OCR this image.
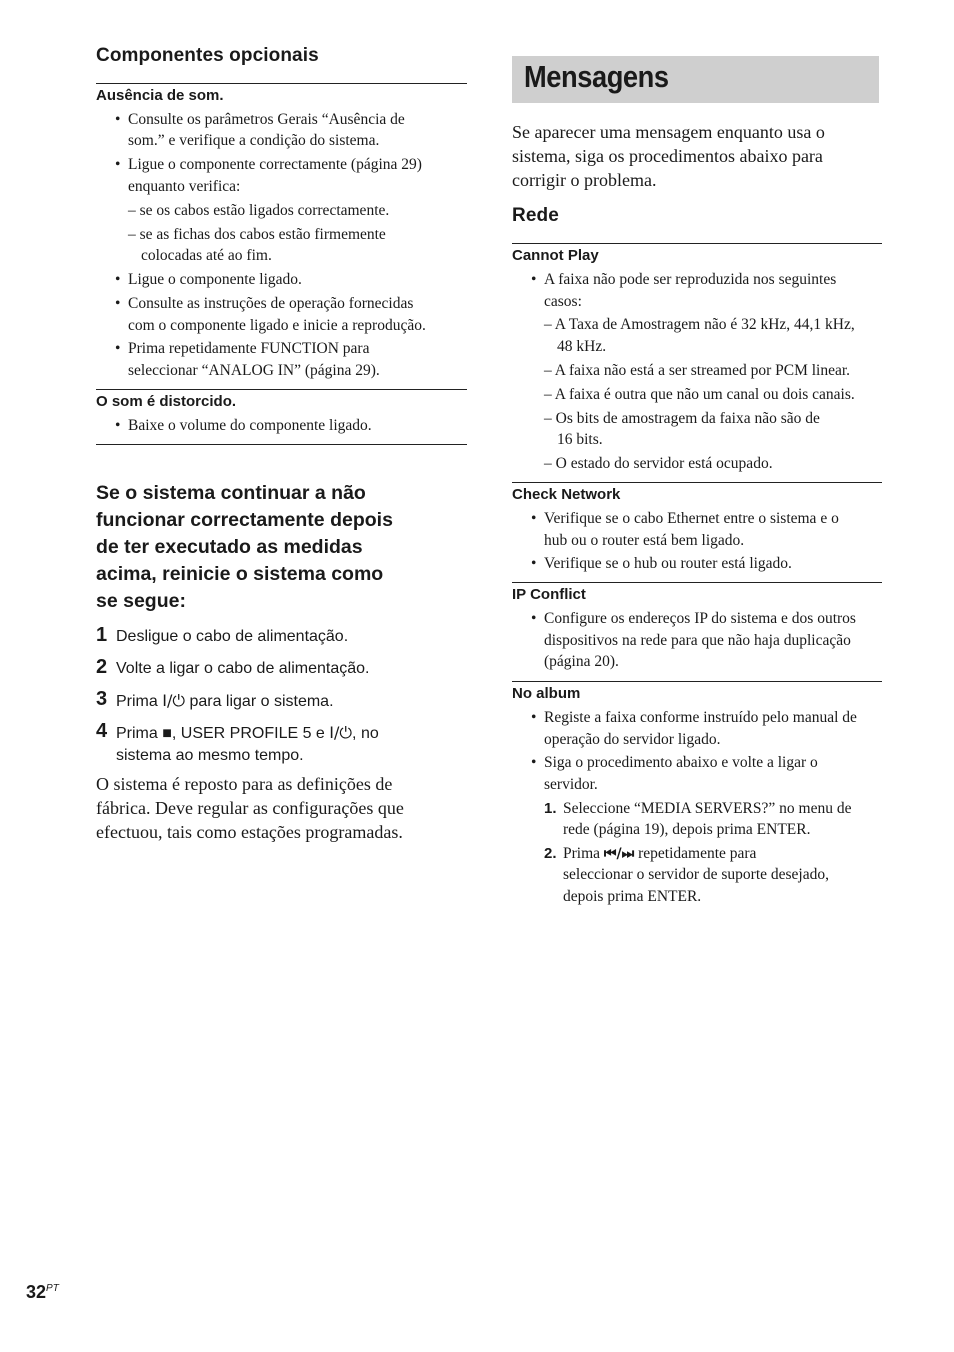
Componentes opcionais
Ausência de som.
• Consulte os parâmetros Gerais “Ausência de
som.” e verifique a condição do sistema.
• Ligue o componente correctamente (página 29)
enquanto verifica:
– se os cabos estão ligados correctamente.
– se as fichas dos cabos estão firmemente
colocadas até ao fim.
• Ligue o componente ligado.
• Consulte as instruções de operação fornecidas
com o componente ligado e inicie a reprodução.
• Prima repetidamente FUNCTION para
seleccionar “ANALOG IN” (página 29).
O som é distorcido.
• Baixe o volume do componente ligado.
Se o sistema continuar a não
funcionar correctamente depois
de ter executado as medidas
acima, reinicie o sistema como
se segue:
1 Desligue o cabo de alimentação.
2 Volte a ligar o cabo de alimentação.
3 Prima I/⏻ para ligar o sistema.
4 Prima ■, USER PROFILE 5 e I/⏻, no
sistema ao mesmo tempo.
O sistema é reposto para as definições de
fábrica. Deve regular as configurações que
efectuou, tais como estações programadas.
Mensagens
Se aparecer uma mensagem enquanto usa o
sistema, siga os procedimentos abaixo para
corrigir o problema.
Rede
Cannot Play
• A faixa não pode ser reproduzida nos seguintes
casos:
– A Taxa de Amostragem não é 32 kHz, 44,1 kHz,
48 kHz.
– A faixa não está a ser streamed por PCM linear.
– A faixa é outra que não um canal ou dois canais.
– Os bits de amostragem da faixa não são de
16 bits.
– O estado do servidor está ocupado.
Check Network
• Verifique se o cabo Ethernet entre o sistema e o
hub ou o router está bem ligado.
• Verifique se o hub ou router está ligado.
IP Conflict
• Configure os endereços IP do sistema e dos outros
dispositivos na rede para que não haja duplicação
(página 20).
No album
• Registe a faixa conforme instruído pelo manual de
operação do servidor ligado.
• Siga o procedimento abaixo e volte a ligar o
servidor.
1. Seleccione “MEDIA SERVERS?” no menu de
rede (página 19), depois prima ENTER.
2. Prima ⏮/⏭ repetidamente para
seleccionar o servidor de suporte desejado,
depois prima ENTER.
$32^{PT}$
